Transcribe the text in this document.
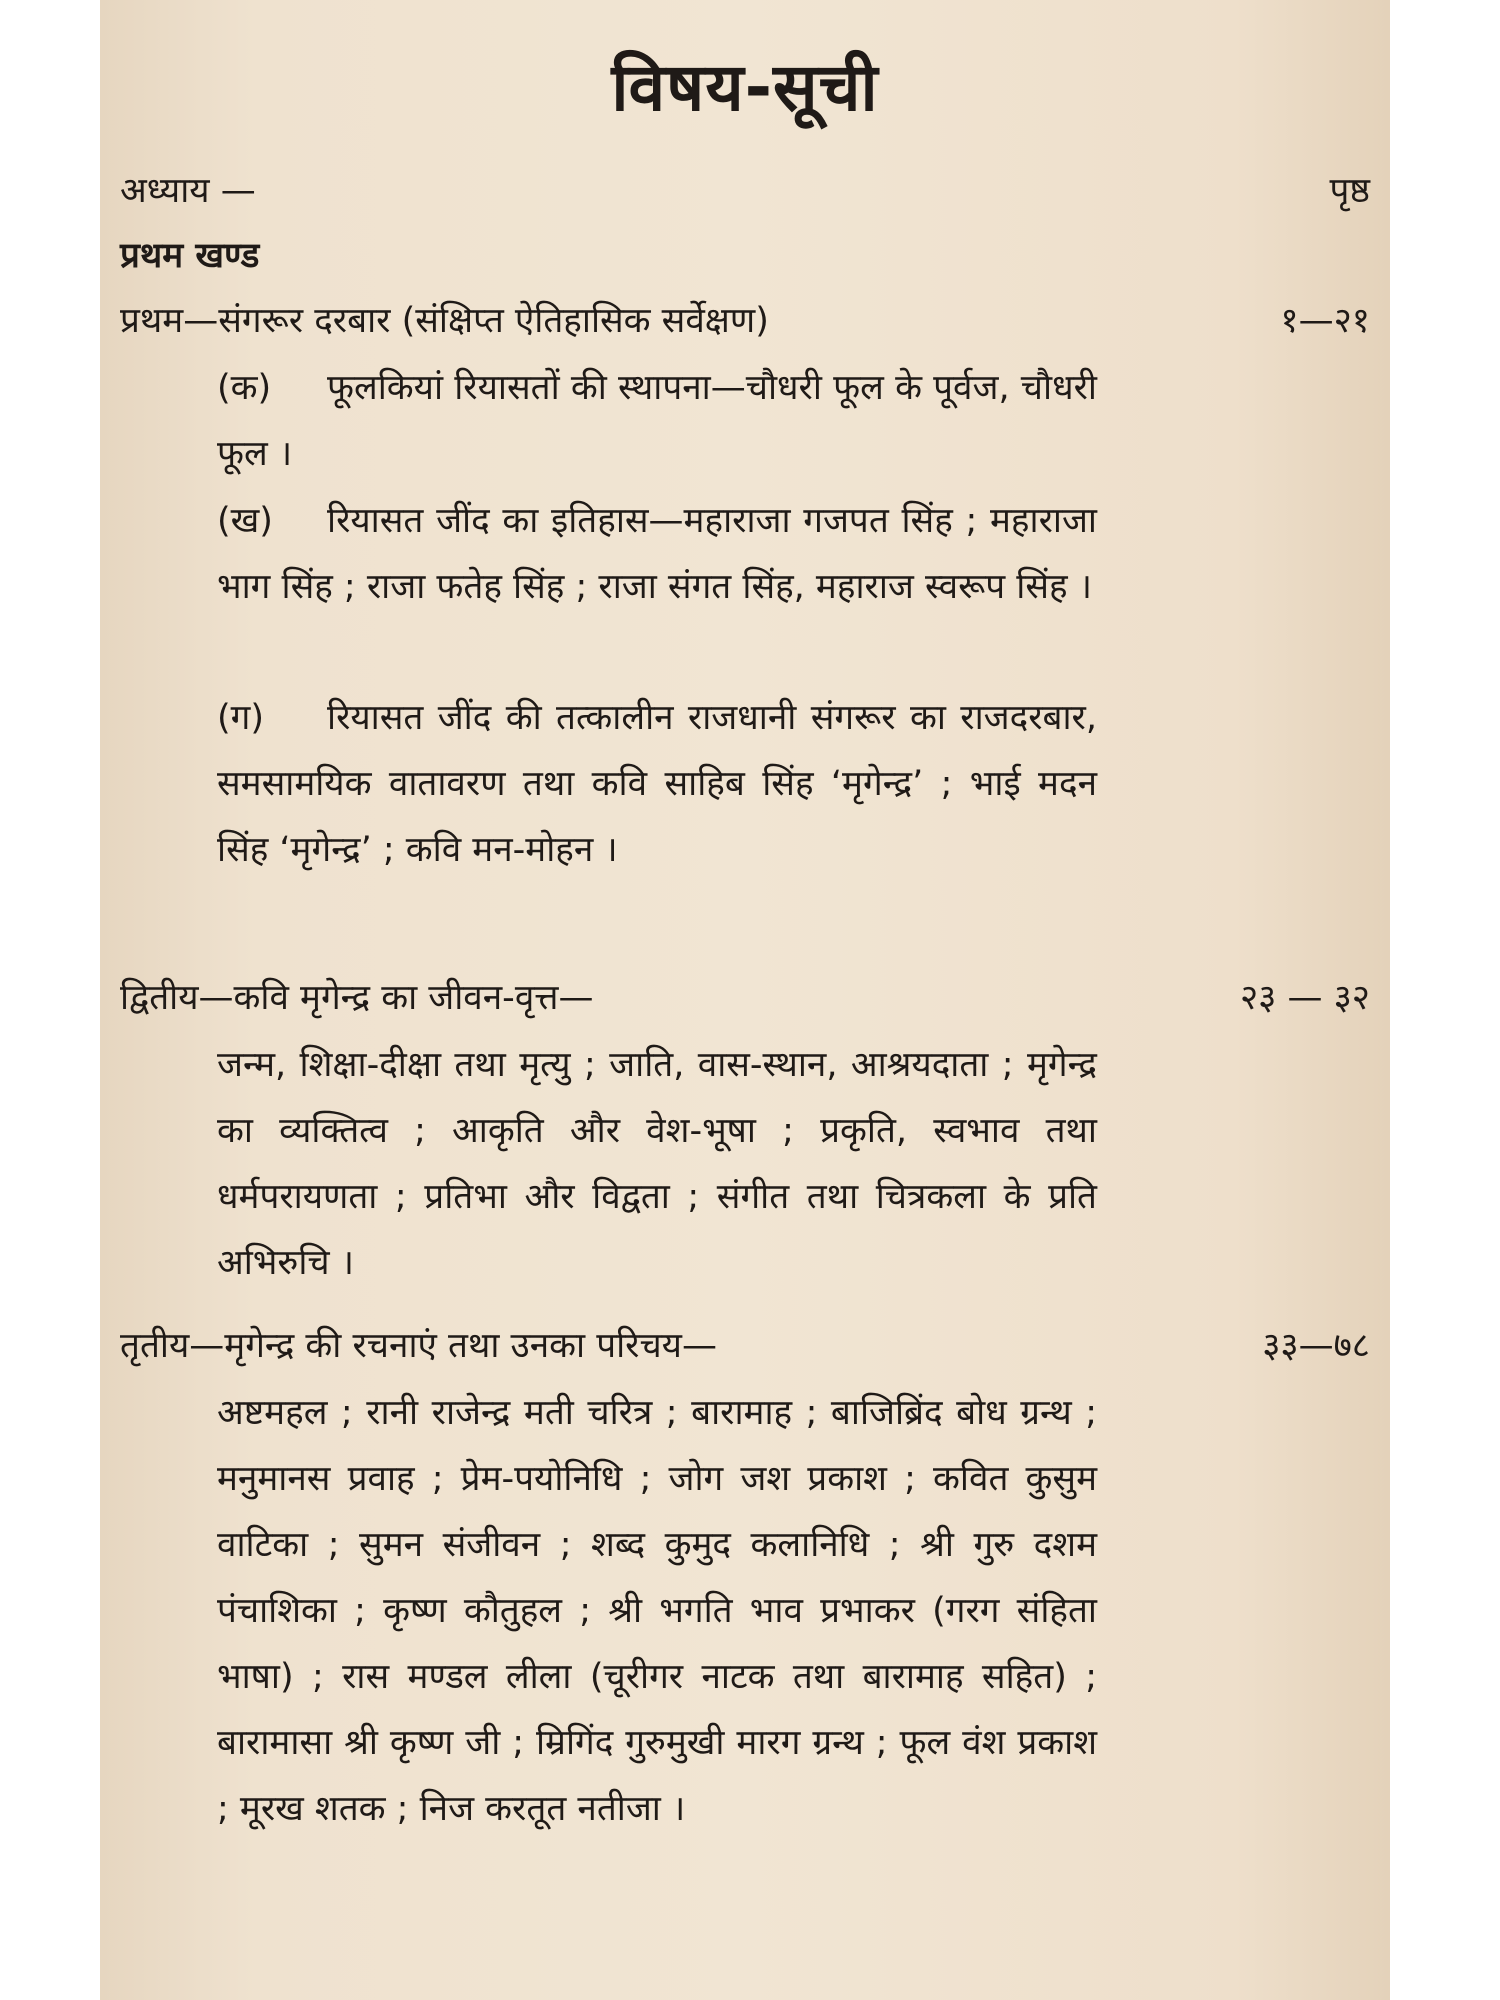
विषय-सूची
अध्याय —	पृष्ठ
प्रथम खण्ड
प्रथम—संगरूर दरबार (संक्षिप्त ऐतिहासिक सर्वेक्षण)	१—२१
(क) फूलकियां रियासतों की स्थापना—चौधरी फूल के पूर्वज, चौधरी फूल ।
(ख) रियासत जींद का इतिहास—महाराजा गजपत सिंह ; महाराजा भाग सिंह ; राजा फतेह सिंह ; राजा संगत सिंह, महाराज स्वरूप सिंह ।
(ग) रियासत जींद की तत्कालीन राजधानी संगरूर का राजदरबार, समसामयिक वातावरण तथा कवि साहिब सिंह ‘मृगेन्द्र’ ; भाई मदन सिंह ‘मृगेन्द्र’ ; कवि मन-मोहन ।
द्वितीय—कवि मृगेन्द्र का जीवन-वृत्त—	२३ — ३२
जन्म, शिक्षा-दीक्षा तथा मृत्यु ; जाति, वास-स्थान, आश्रयदाता ; मृगेन्द्र का व्यक्तित्व ; आकृति और वेश-भूषा ; प्रकृति, स्वभाव तथा धर्मपरायणता ; प्रतिभा और विद्वता ; संगीत तथा चित्रकला के प्रति अभिरुचि ।
तृतीय—मृगेन्द्र की रचनाएं तथा उनका परिचय—	३३—७८
अष्टमहल ; रानी राजेन्द्र मती चरित्र ; बारामाह ; बाजिब्रिंद बोध ग्रन्थ ; मनुमानस प्रवाह ; प्रेम-पयोनिधि ; जोग जश प्रकाश ; कवित कुसुम वाटिका ; सुमन संजीवन ; शब्द कुमुद कलानिधि ; श्री गुरु दशम पंचाशिका ; कृष्ण कौतुहल ; श्री भगति भाव प्रभाकर (गरग संहिता भाषा) ; रास मण्डल लीला (चूरीगर नाटक तथा बारामाह सहित) ; बारामासा श्री कृष्ण जी ; म्रिगिंद गुरुमुखी मारग ग्रन्थ ; फूल वंश प्रकाश ; मूरख शतक ; निज करतूत नतीजा ।
